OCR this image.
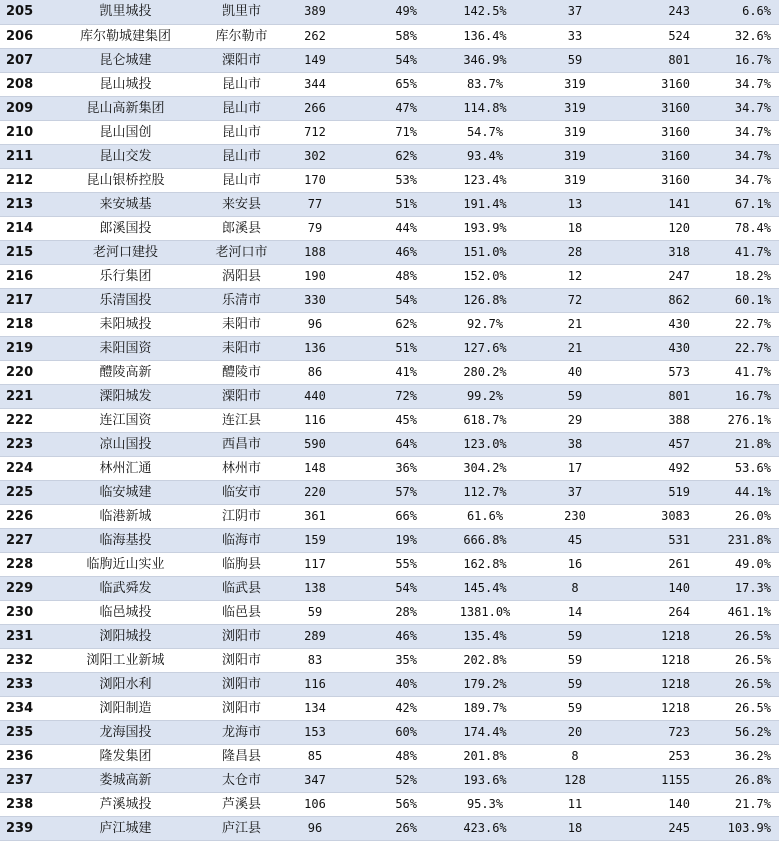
205	凯里城投	凯里市	389	49%	142.5%	37	243	6.6%
206	库尔勒城建集团	库尔勒市	262	58%	136.4%	33	524	32.6%
207	昆仑城建	溧阳市	149	54%	346.9%	59	801	16.7%
208	昆山城投	昆山市	344	65%	83.7%	319	3160	34.7%
209	昆山高新集团	昆山市	266	47%	114.8%	319	3160	34.7%
210	昆山国创	昆山市	712	71%	54.7%	319	3160	34.7%
211	昆山交发	昆山市	302	62%	93.4%	319	3160	34.7%
212	昆山银桥控股	昆山市	170	53%	123.4%	319	3160	34.7%
213	来安城基	来安县	77	51%	191.4%	13	141	67.1%
214	郎溪国投	郎溪县	79	44%	193.9%	18	120	78.4%
215	老河口建投	老河口市	188	46%	151.0%	28	318	41.7%
216	乐行集团	涡阳县	190	48%	152.0%	12	247	18.2%
217	乐清国投	乐清市	330	54%	126.8%	72	862	60.1%
218	耒阳城投	耒阳市	96	62%	92.7%	21	430	22.7%
219	耒阳国资	耒阳市	136	51%	127.6%	21	430	22.7%
220	醴陵高新	醴陵市	86	41%	280.2%	40	573	41.7%
221	溧阳城发	溧阳市	440	72%	99.2%	59	801	16.7%
222	连江国资	连江县	116	45%	618.7%	29	388	276.1%
223	凉山国投	西昌市	590	64%	123.0%	38	457	21.8%
224	林州汇通	林州市	148	36%	304.2%	17	492	53.6%
225	临安城建	临安市	220	57%	112.7%	37	519	44.1%
226	临港新城	江阴市	361	66%	61.6%	230	3083	26.0%
227	临海基投	临海市	159	19%	666.8%	45	531	231.8%
228	临朐近山实业	临朐县	117	55%	162.8%	16	261	49.0%
229	临武舜发	临武县	138	54%	145.4%	8	140	17.3%
230	临邑城投	临邑县	59	28%	1381.0%	14	264	461.1%
231	浏阳城投	浏阳市	289	46%	135.4%	59	1218	26.5%
232	浏阳工业新城	浏阳市	83	35%	202.8%	59	1218	26.5%
233	浏阳水利	浏阳市	116	40%	179.2%	59	1218	26.5%
234	浏阳制造	浏阳市	134	42%	189.7%	59	1218	26.5%
235	龙海国投	龙海市	153	60%	174.4%	20	723	56.2%
236	隆发集团	隆昌县	85	48%	201.8%	8	253	36.2%
237	娄城高新	太仓市	347	52%	193.6%	128	1155	26.8%
238	芦溪城投	芦溪县	106	56%	95.3%	11	140	21.7%
239	庐江城建	庐江县	96	26%	423.6%	18	245	103.9%
